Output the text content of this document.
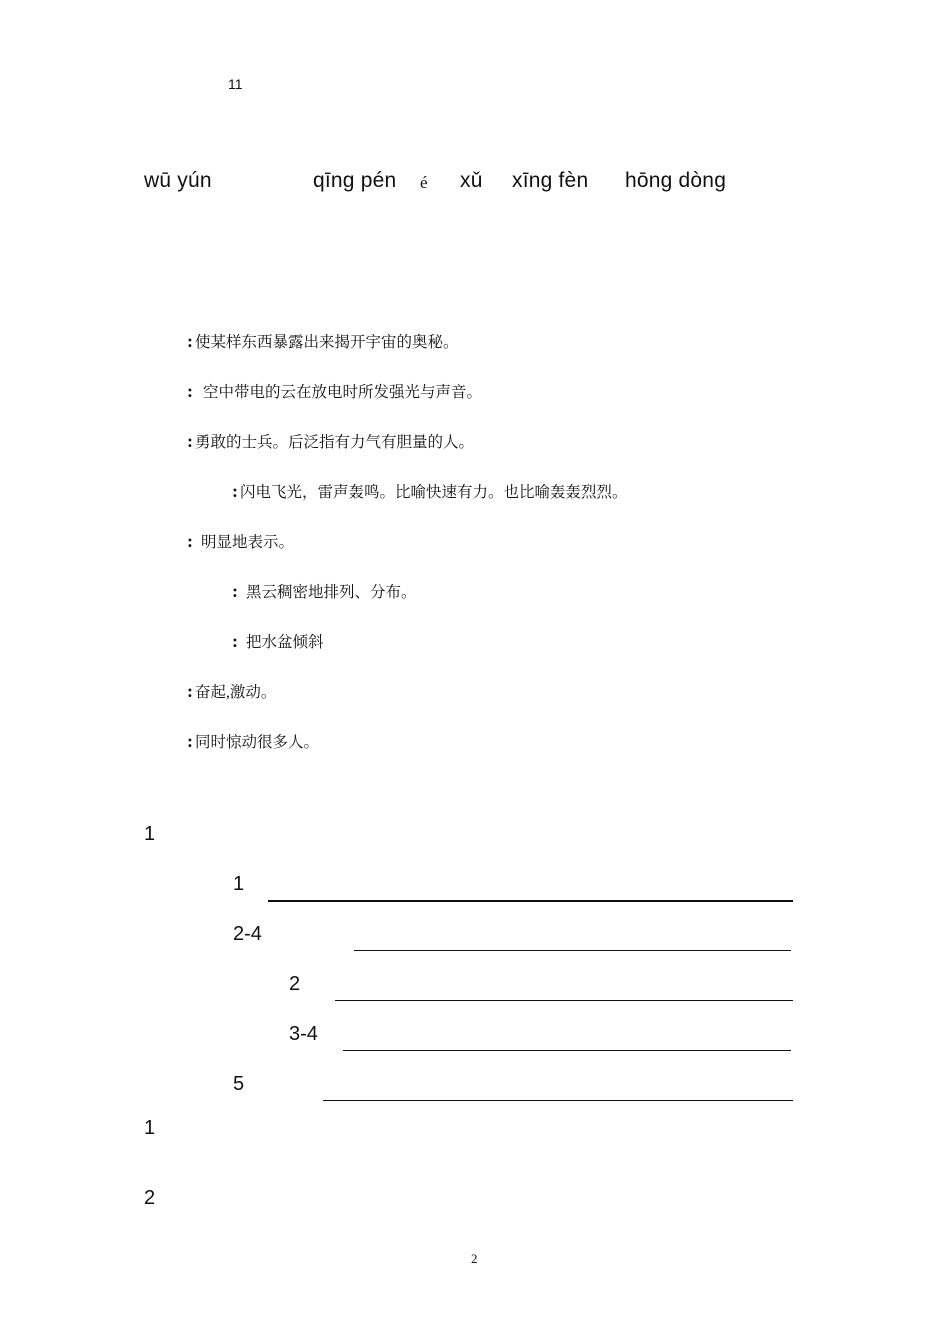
11
wū yún	qīng pén é xǔ xīng fèn hōng dòng
: 使某样东西暴露出来揭开宇宙的奥秘。
: 空中带电的云在放电时所发强光与声音。
: 勇敢的士兵。后泛指有力气有胆量的人。
: 闪电飞光，雷声轰鸣。比喻快速有力。也比喻轰轰烈烈。
: 明显地表示。
: 黑云稠密地排列、分布。
: 把水盆倾斜
: 奋起,激动。
: 同时惊动很多人。
1
1
2-4
2
3-4
5
1
2
2
